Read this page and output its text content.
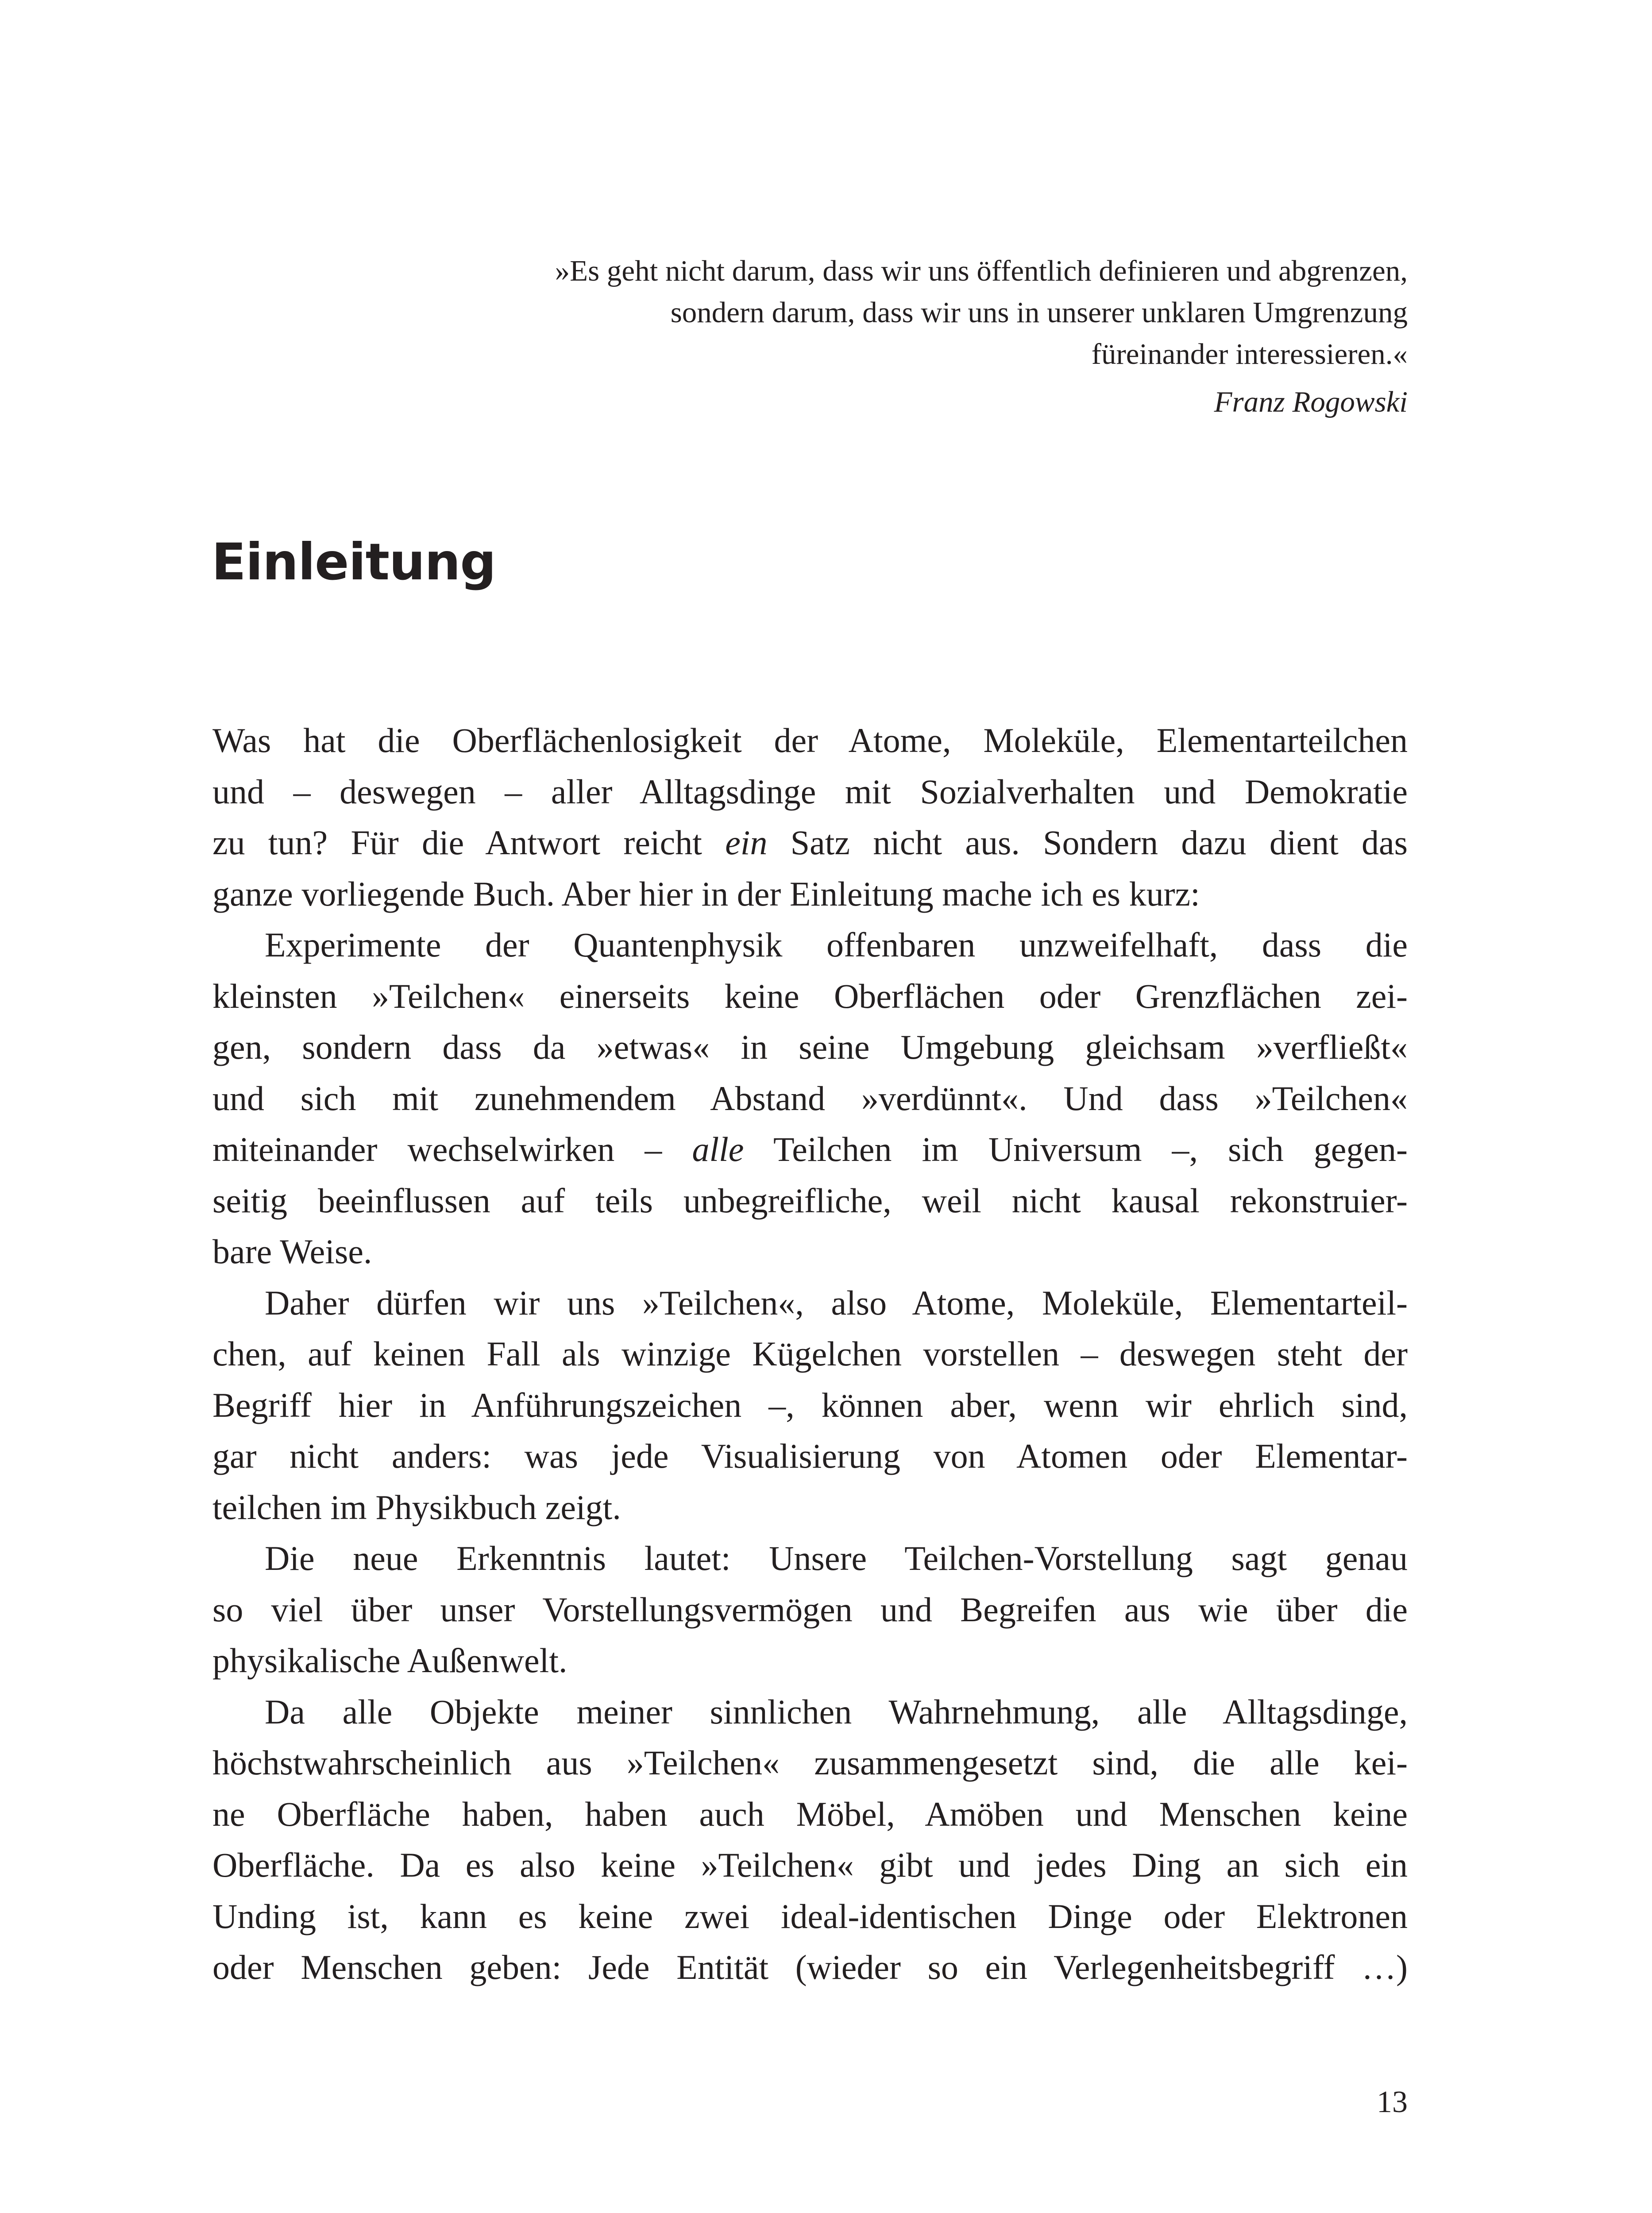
»Es geht nicht darum, dass wir uns öffentlich definieren und abgrenzen,
sondern darum, dass wir uns in unserer unklaren Umgrenzung
füreinander interessieren.«
Franz Rogowski
Einleitung
Was hat die Oberflächenlosigkeit der Atome, Moleküle, Elementarteilchen
und – deswegen – aller Alltagsdinge mit Sozialverhalten und Demokratie
zu tun? Für die Antwort reicht ein Satz nicht aus. Sondern dazu dient das
ganze vorliegende Buch. Aber hier in der Einleitung mache ich es kurz:
Experimente der Quantenphysik offenbaren unzweifelhaft, dass die
kleinsten »Teilchen« einerseits keine Oberflächen oder Grenzflächen zei-
gen, sondern dass da »etwas« in seine Umgebung gleichsam »verfließt«
und sich mit zunehmendem Abstand »verdünnt«. Und dass »Teilchen«
miteinander wechselwirken – alle Teilchen im Universum –, sich gegen-
seitig beeinflussen auf teils unbegreifliche, weil nicht kausal rekonstruier-
bare Weise.
Daher dürfen wir uns »Teilchen«, also Atome, Moleküle, Elementarteil-
chen, auf keinen Fall als winzige Kügelchen vorstellen – deswegen steht der
Begriff hier in Anführungszeichen –, können aber, wenn wir ehrlich sind,
gar nicht anders: was jede Visualisierung von Atomen oder Elementar-
teilchen im Physikbuch zeigt.
Die neue Erkenntnis lautet: Unsere Teilchen-Vorstellung sagt genau
so viel über unser Vorstellungsvermögen und Begreifen aus wie über die
physikalische Außenwelt.
Da alle Objekte meiner sinnlichen Wahrnehmung, alle Alltagsdinge,
höchstwahrscheinlich aus »Teilchen« zusammengesetzt sind, die alle kei-
ne Oberfläche haben, haben auch Möbel, Amöben und Menschen keine
Oberfläche. Da es also keine »Teilchen« gibt und jedes Ding an sich ein
Unding ist, kann es keine zwei ideal-identischen Dinge oder Elektronen
oder Menschen geben: Jede Entität (wieder so ein Verlegenheitsbegriff …)
13
